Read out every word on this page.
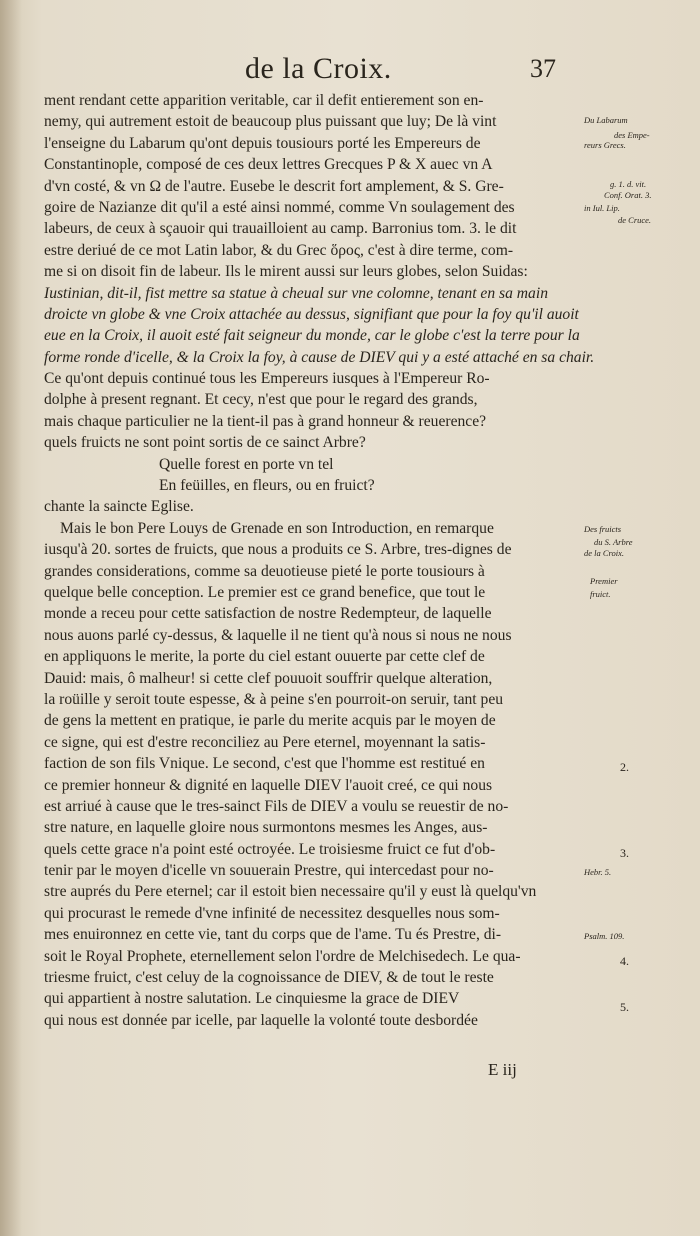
de la Croix.	37
ment rendant cette apparition veritable, car il defit entierement son en-
nemy, qui autrement estoit de beaucoup plus puissant que luy; De là vint
l'enseigne du Labarum qu'ont depuis tousiours porté les Empereurs de
Constantinople, composé de ces deux lettres Grecques P & X auec vn A
d'vn costé, & vn Ω de l'autre. Eusebe le descrit fort amplement, & S. Gre-
goire de Nazianze dit qu'il a esté ainsi nommé, comme Vn soulagement des
labeurs, de ceux à sçauoir qui trauailloient au camp. Barronius tom. 3. le dit
estre deriué de ce mot Latin labor, & du Grec ὅρος, c'est à dire terme, com-
me si on disoit fin de labeur. Ils le mirent aussi sur leurs globes, selon Suidas:
Iustinian, dit-il, fist mettre sa statue à cheual sur vne colomne, tenant en sa main
droicte vn globe & vne Croix attachée au dessus, signifiant que pour la foy qu'il auoit
eue en la Croix, il auoit esté fait seigneur du monde, car le globe c'est la terre pour la
forme ronde d'icelle, & la Croix la foy, à cause de DIEV qui y a esté attaché en sa chair.
Ce qu'ont depuis continué tous les Empereurs iusques à l'Empereur Ro-
dolphe à present regnant. Et cecy, n'est que pour le regard des grands,
mais chaque particulier ne la tient-il pas à grand honneur & reuerence?
quels fruicts ne sont point sortis de ce sainct Arbre?
Quelle forest en porte vn tel
En feüilles, en fleurs, ou en fruict?
chante la saincte Eglise.
Mais le bon Pere Louys de Grenade en son Introduction, en remarque
iusqu'à 20. sortes de fruicts, que nous a produits ce S. Arbre, tres-dignes de
grandes considerations, comme sa deuotieuse pieté le porte tousiours à
quelque belle conception. Le premier est ce grand benefice, que tout le
monde a receu pour cette satisfaction de nostre Redempteur, de laquelle
nous auons parlé cy-dessus, & laquelle il ne tient qu'à nous si nous ne nous
en appliquons le merite, la porte du ciel estant ouuerte par cette clef de
Dauid: mais, ô malheur! si cette clef pouuoit souffrir quelque alteration,
la roüille y seroit toute espesse, & à peine s'en pourroit-on seruir, tant peu
de gens la mettent en pratique, ie parle du merite acquis par le moyen de
ce signe, qui est d'estre reconciliez au Pere eternel, moyennant la satis-
faction de son fils Vnique. Le second, c'est que l'homme est restitué en
ce premier honneur & dignité en laquelle DIEV l'auoit creé, ce qui nous
est arriué à cause que le tres-sainct Fils de DIEV a voulu se reuestir de no-
stre nature, en laquelle gloire nous surmontons mesmes les Anges, aus-
quels cette grace n'a point esté octroyée. Le troisiesme fruict ce fut d'ob-
tenir par le moyen d'icelle vn souuerain Prestre, qui intercedast pour no-
stre auprés du Pere eternel; car il estoit bien necessaire qu'il y eust là quelqu'vn
qui procurast le remede d'vne infinité de necessitez desquelles nous som-
mes enuironnez en cette vie, tant du corps que de l'ame. Tu és Prestre, di-
soit le Royal Prophete, eternellement selon l'ordre de Melchisedech. Le qua-
triesme fruict, c'est celuy de la cognoissance de DIEV, & de tout le reste
qui appartient à nostre salutation. Le cinquiesme la grace de DIEV
qui nous est donnée par icelle, par laquelle la volonté toute desbordée
Du Labarum
des Empe-
reurs Grecs.
g. 1. d. vit.
Conf. Orat. 3.
in Iul. Lip.
de Cruce.
Des fruicts
du S. Arbre
de la Croix.
Premier
fruict.
2.
3.
Hebr. 5.
Psalm. 109.
4.
5.
E iij
